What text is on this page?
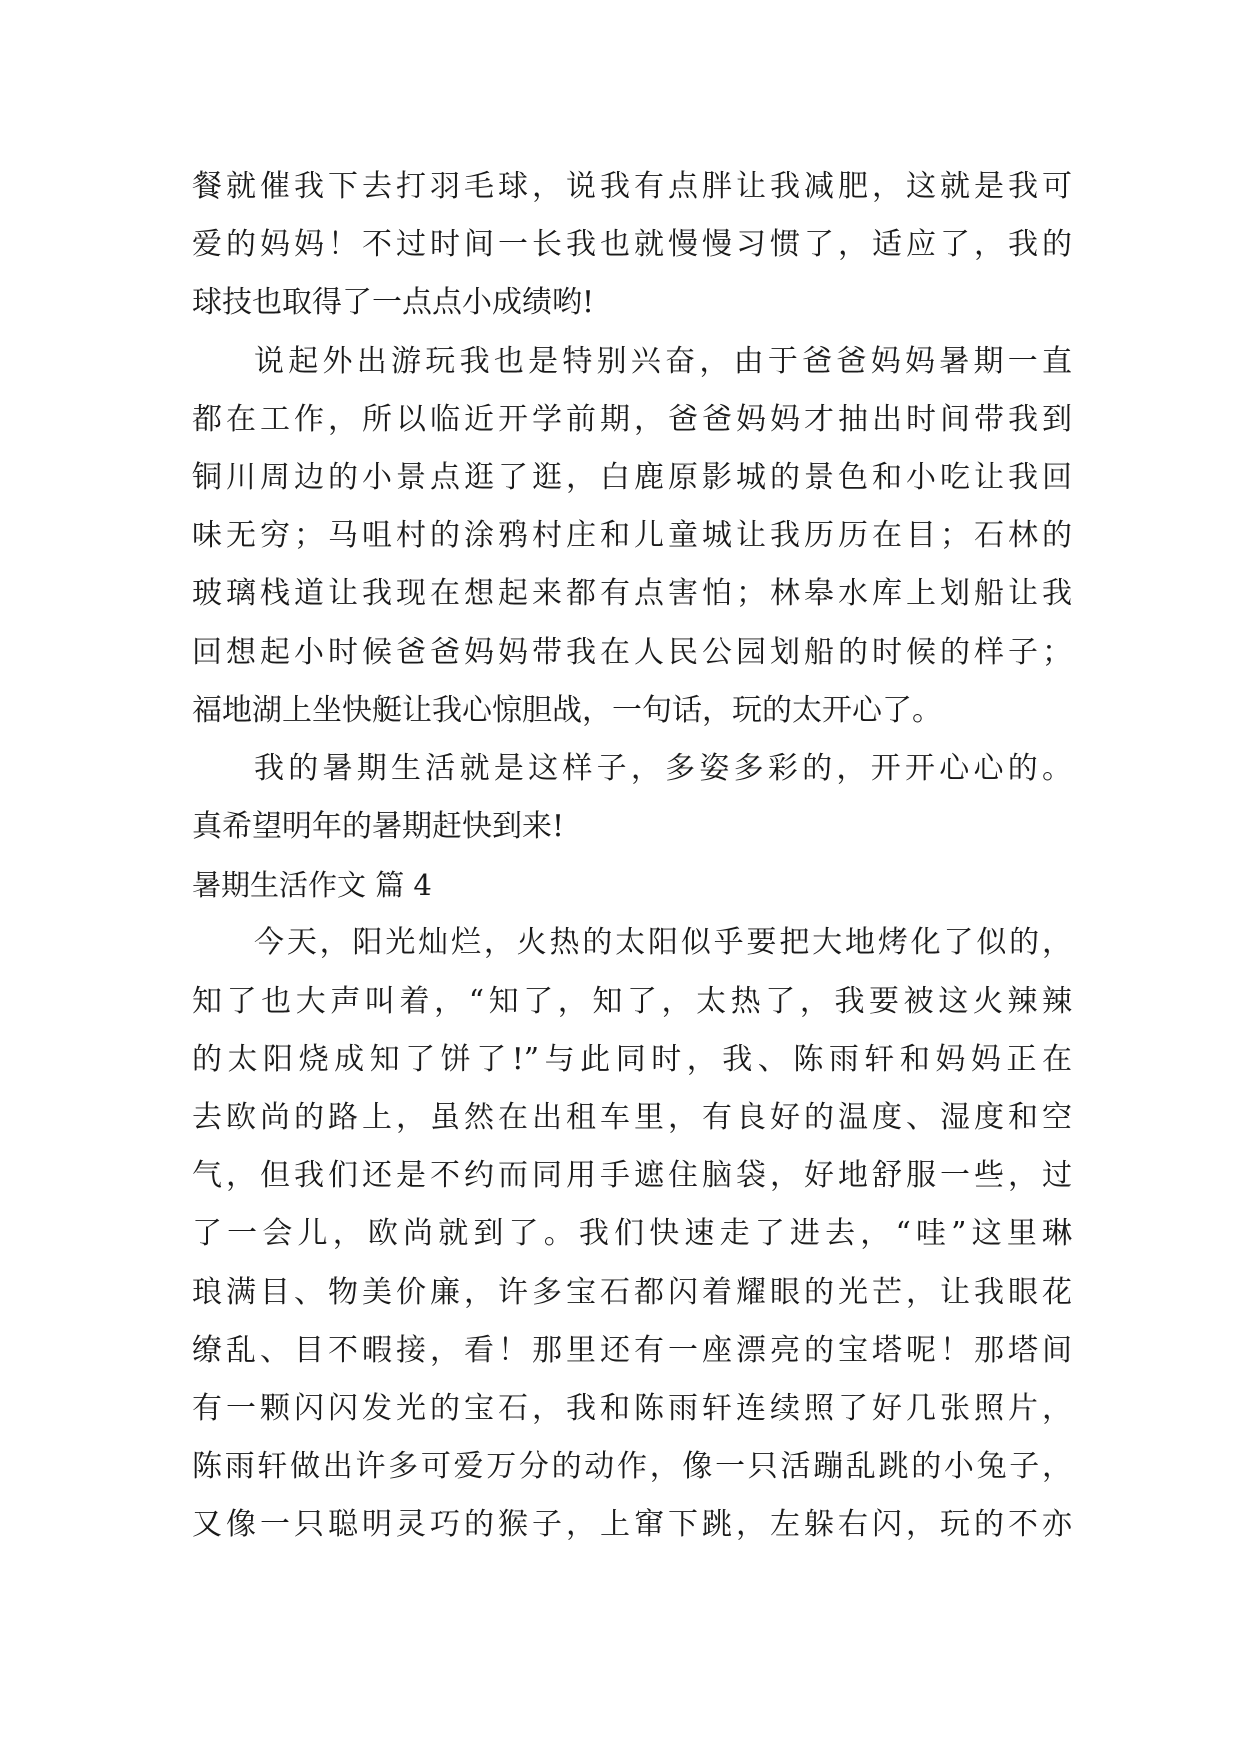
餐就催我下去打羽毛球，说我有点胖让我减肥，这就是我可
爱的妈妈！不过时间一长我也就慢慢习惯了，适应了，我的
球技也取得了一点点小成绩哟!
说起外出游玩我也是特别兴奋，由于爸爸妈妈暑期一直
都在工作，所以临近开学前期，爸爸妈妈才抽出时间带我到
铜川周边的小景点逛了逛，白鹿原影城的景色和小吃让我回
味无穷；马咀村的涂鸦村庄和儿童城让我历历在目；石林的
玻璃栈道让我现在想起来都有点害怕；林皋水库上划船让我
回想起小时候爸爸妈妈带我在人民公园划船的时候的样子；
福地湖上坐快艇让我心惊胆战，一句话，玩的太开心了。
我的暑期生活就是这样子，多姿多彩的，开开心心的。
真希望明年的暑期赶快到来!
暑期生活作文 篇 4
今天，阳光灿烂，火热的太阳似乎要把大地烤化了似的，
知了也大声叫着，“知了，知了，太热了，我要被这火辣辣
的太阳烧成知了饼了!”与此同时，我、陈雨轩和妈妈正在
去欧尚的路上，虽然在出租车里，有良好的温度、湿度和空
气，但我们还是不约而同用手遮住脑袋，好地舒服一些，过
了一会儿，欧尚就到了。我们快速走了进去，“哇”这里琳
琅满目、物美价廉，许多宝石都闪着耀眼的光芒，让我眼花
缭乱、目不暇接，看！那里还有一座漂亮的宝塔呢！那塔间
有一颗闪闪发光的宝石，我和陈雨轩连续照了好几张照片，
陈雨轩做出许多可爱万分的动作，像一只活蹦乱跳的小兔子，
又像一只聪明灵巧的猴子，上窜下跳，左躲右闪，玩的不亦
